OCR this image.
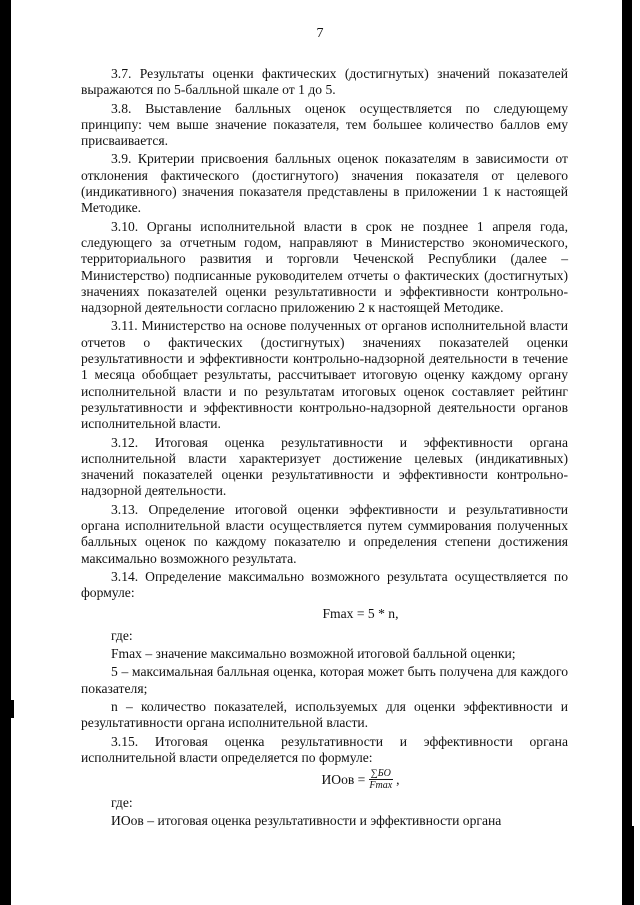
7

3.7. Результаты оценки фактических (достигнутых) значений показателей выражаются по 5-балльной шкале от 1 до 5.

3.8. Выставление балльных оценок осуществляется по следующему принципу: чем выше значение показателя, тем большее количество баллов ему присваивается.

3.9. Критерии присвоения балльных оценок показателям в зависимости от отклонения фактического (достигнутого) значения показателя от целевого (индикативного) значения показателя представлены в приложении 1 к настоящей Методике.

3.10. Органы исполнительной власти в срок не позднее 1 апреля года, следующего за отчетным годом, направляют в Министерство экономического, территориального развития и торговли Чеченской Республики (далее – Министерство) подписанные руководителем отчеты о фактических (достигнутых) значениях показателей оценки результативности и эффективности контрольно-надзорной деятельности согласно приложению 2 к настоящей Методике.

3.11. Министерство на основе полученных от органов исполнительной власти отчетов о фактических (достигнутых) значениях показателей оценки результативности и эффективности контрольно-надзорной деятельности в течение 1 месяца обобщает результаты, рассчитывает итоговую оценку каждому органу исполнительной власти и по результатам итоговых оценок составляет рейтинг результативности и эффективности контрольно-надзорной деятельности органов исполнительной власти.

3.12. Итоговая оценка результативности и эффективности органа исполнительной власти характеризует достижение целевых (индикативных) значений показателей оценки результативности и эффективности контрольно-надзорной деятельности.

3.13. Определение итоговой оценки эффективности и результативности органа исполнительной власти осуществляется путем суммирования полученных балльных оценок по каждому показателю и определения степени достижения максимально возможного результата.

3.14. Определение максимально возможного результата осуществляется по формуле:

Fmax = 5 * n,
где:

Fmax – значение максимально возможной итоговой балльной оценки;

5 – максимальная балльная оценка, которая может быть получена для каждого показателя;

n – количество показателей, используемых для оценки эффективности и результативности органа исполнительной власти.

3.15. Итоговая оценка результативности и эффективности органа исполнительной власти определяется по формуле:

ИОов = $\frac{\sum БО}{Fmax}$ ,
где:

ИОов – итоговая оценка результативности и эффективности органа
